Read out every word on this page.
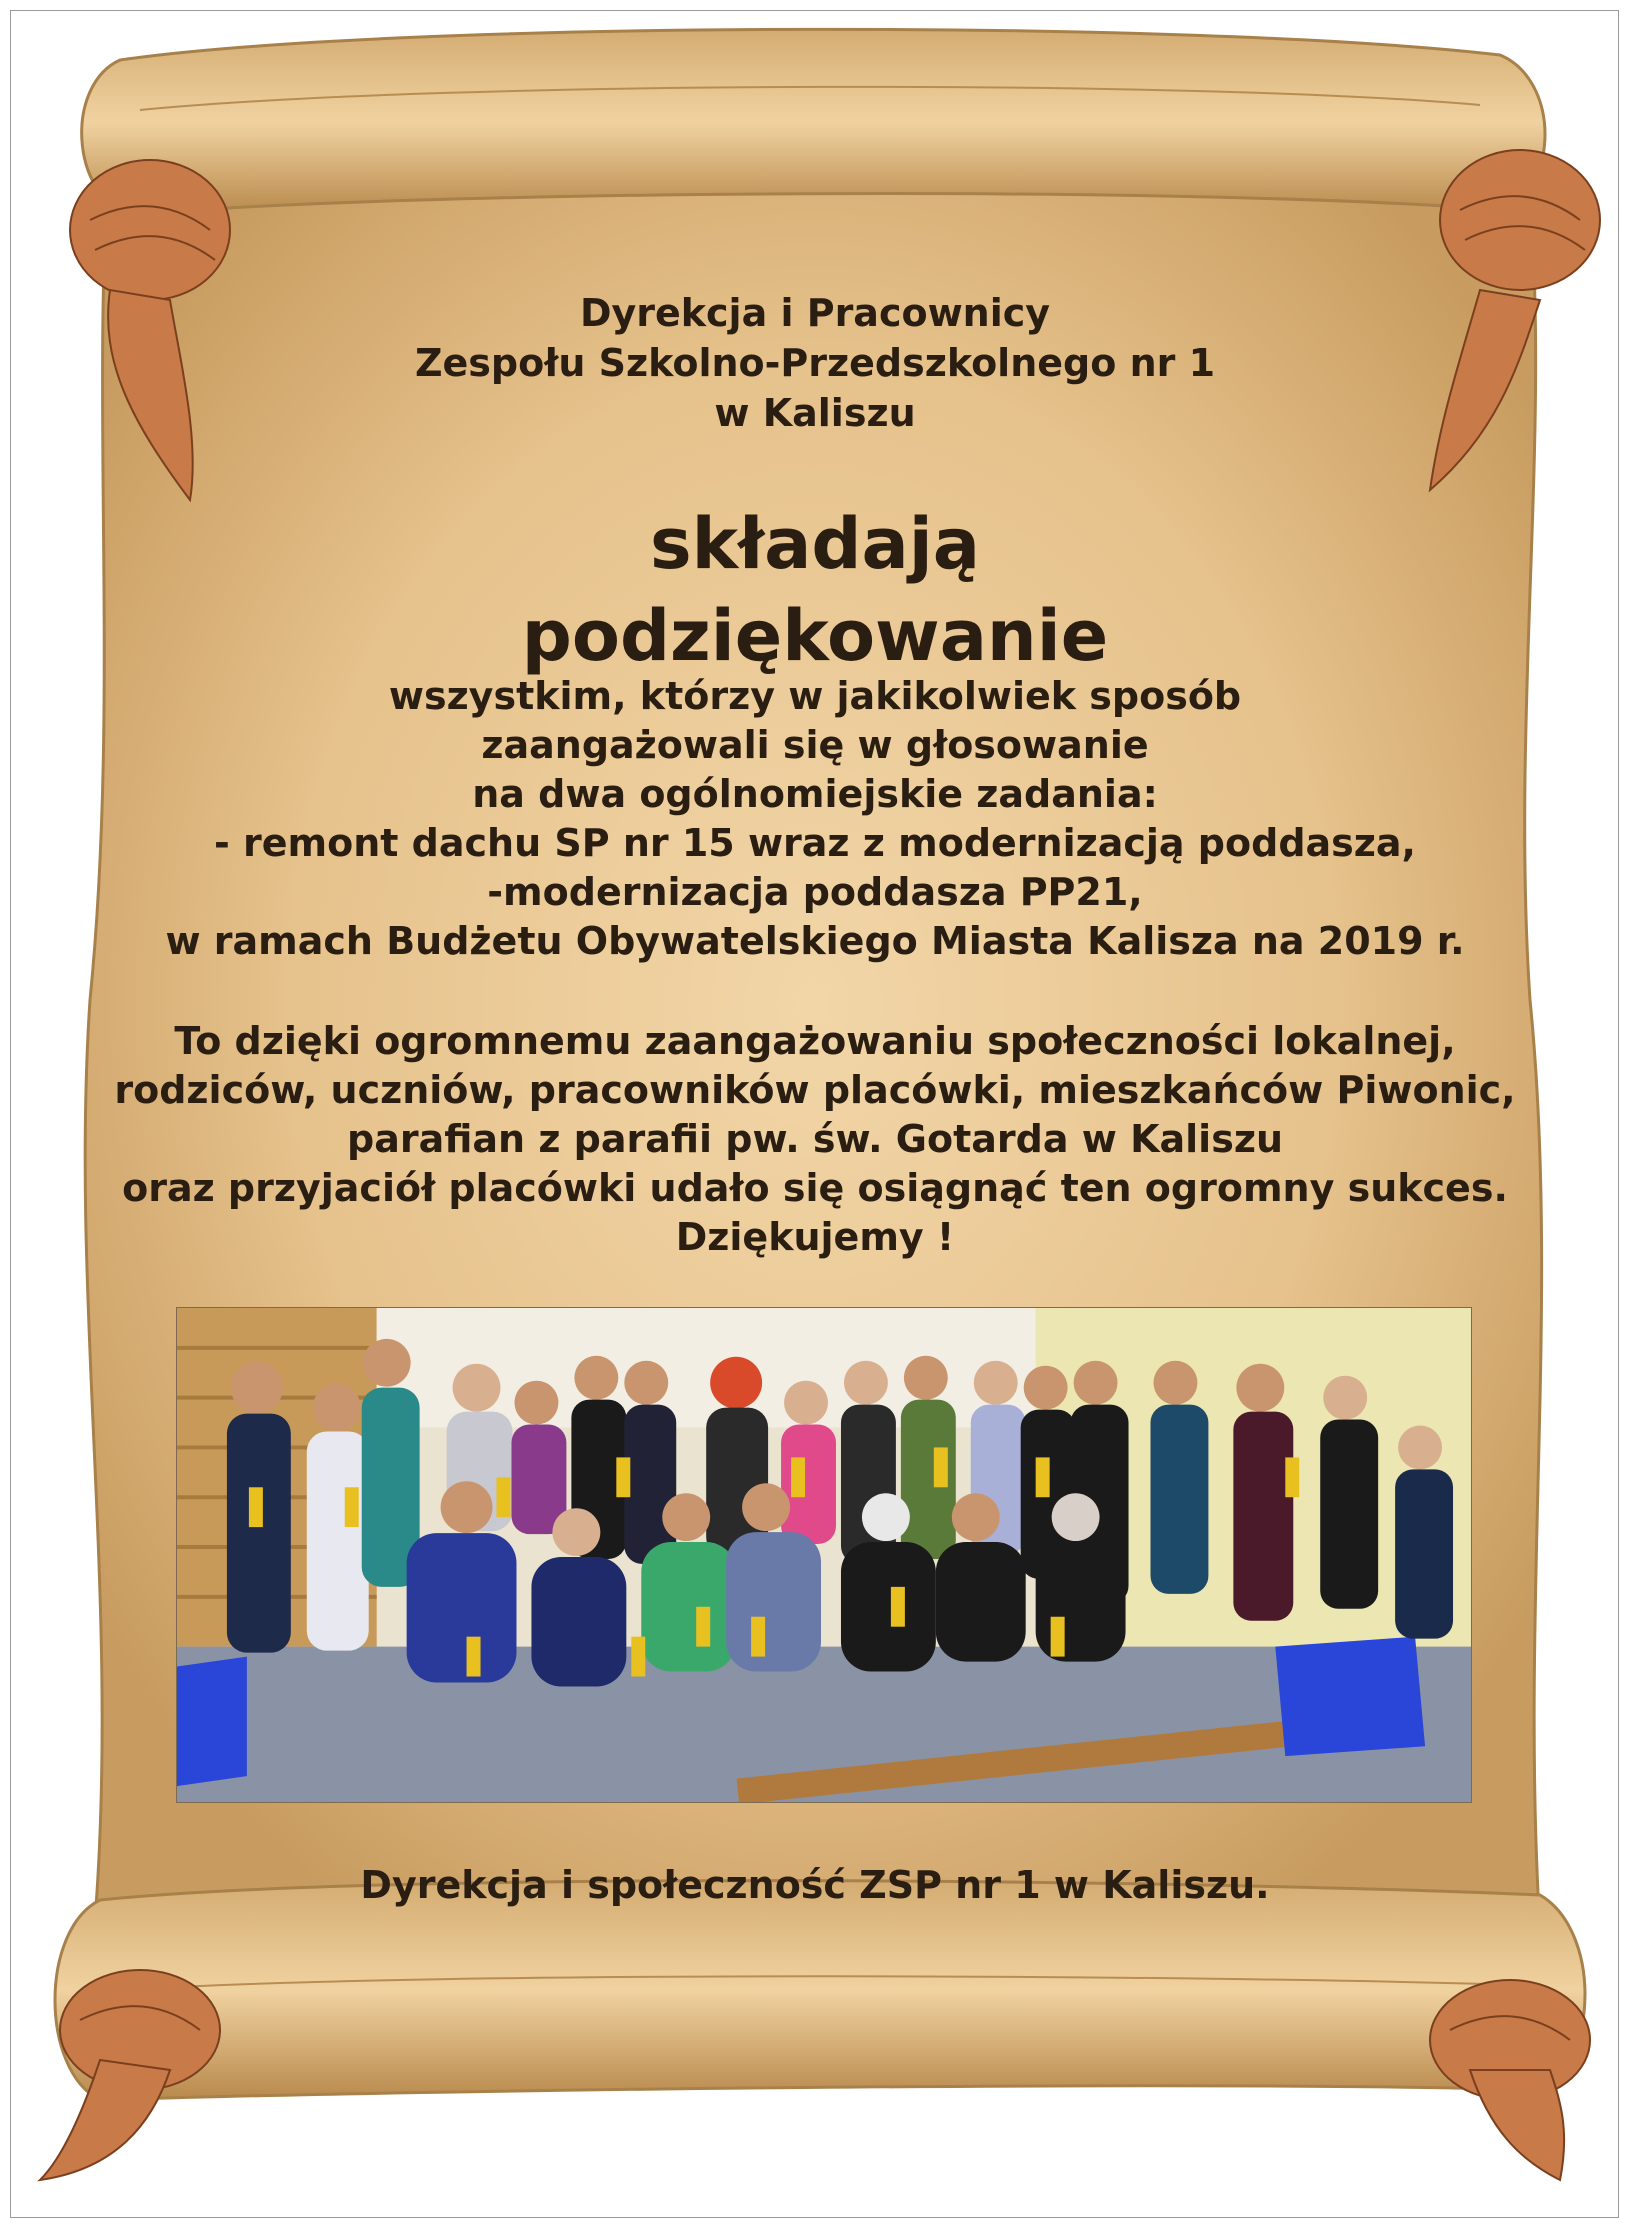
Dyrekcja i Pracownicy
Zespołu Szkolno-Przedszkolnego nr 1
w Kaliszu
składają
podziękowanie
wszystkim, którzy w jakikolwiek sposób
zaangażowali się w głosowanie
na dwa ogólnomiejskie zadania:
- remont dachu SP nr 15 wraz z modernizacją poddasza,
-modernizacja poddasza PP21,
w ramach Budżetu Obywatelskiego Miasta Kalisza na 2019 r.
To dzięki ogromnemu zaangażowaniu społeczności lokalnej,
rodziców, uczniów, pracowników placówki, mieszkańców Piwonic,
parafian z parafii pw. św. Gotarda w Kaliszu
oraz przyjaciół placówki udało się osiągnąć ten ogromny sukces.
Dziękujemy !
Dyrekcja i społeczność ZSP nr 1 w Kaliszu.
